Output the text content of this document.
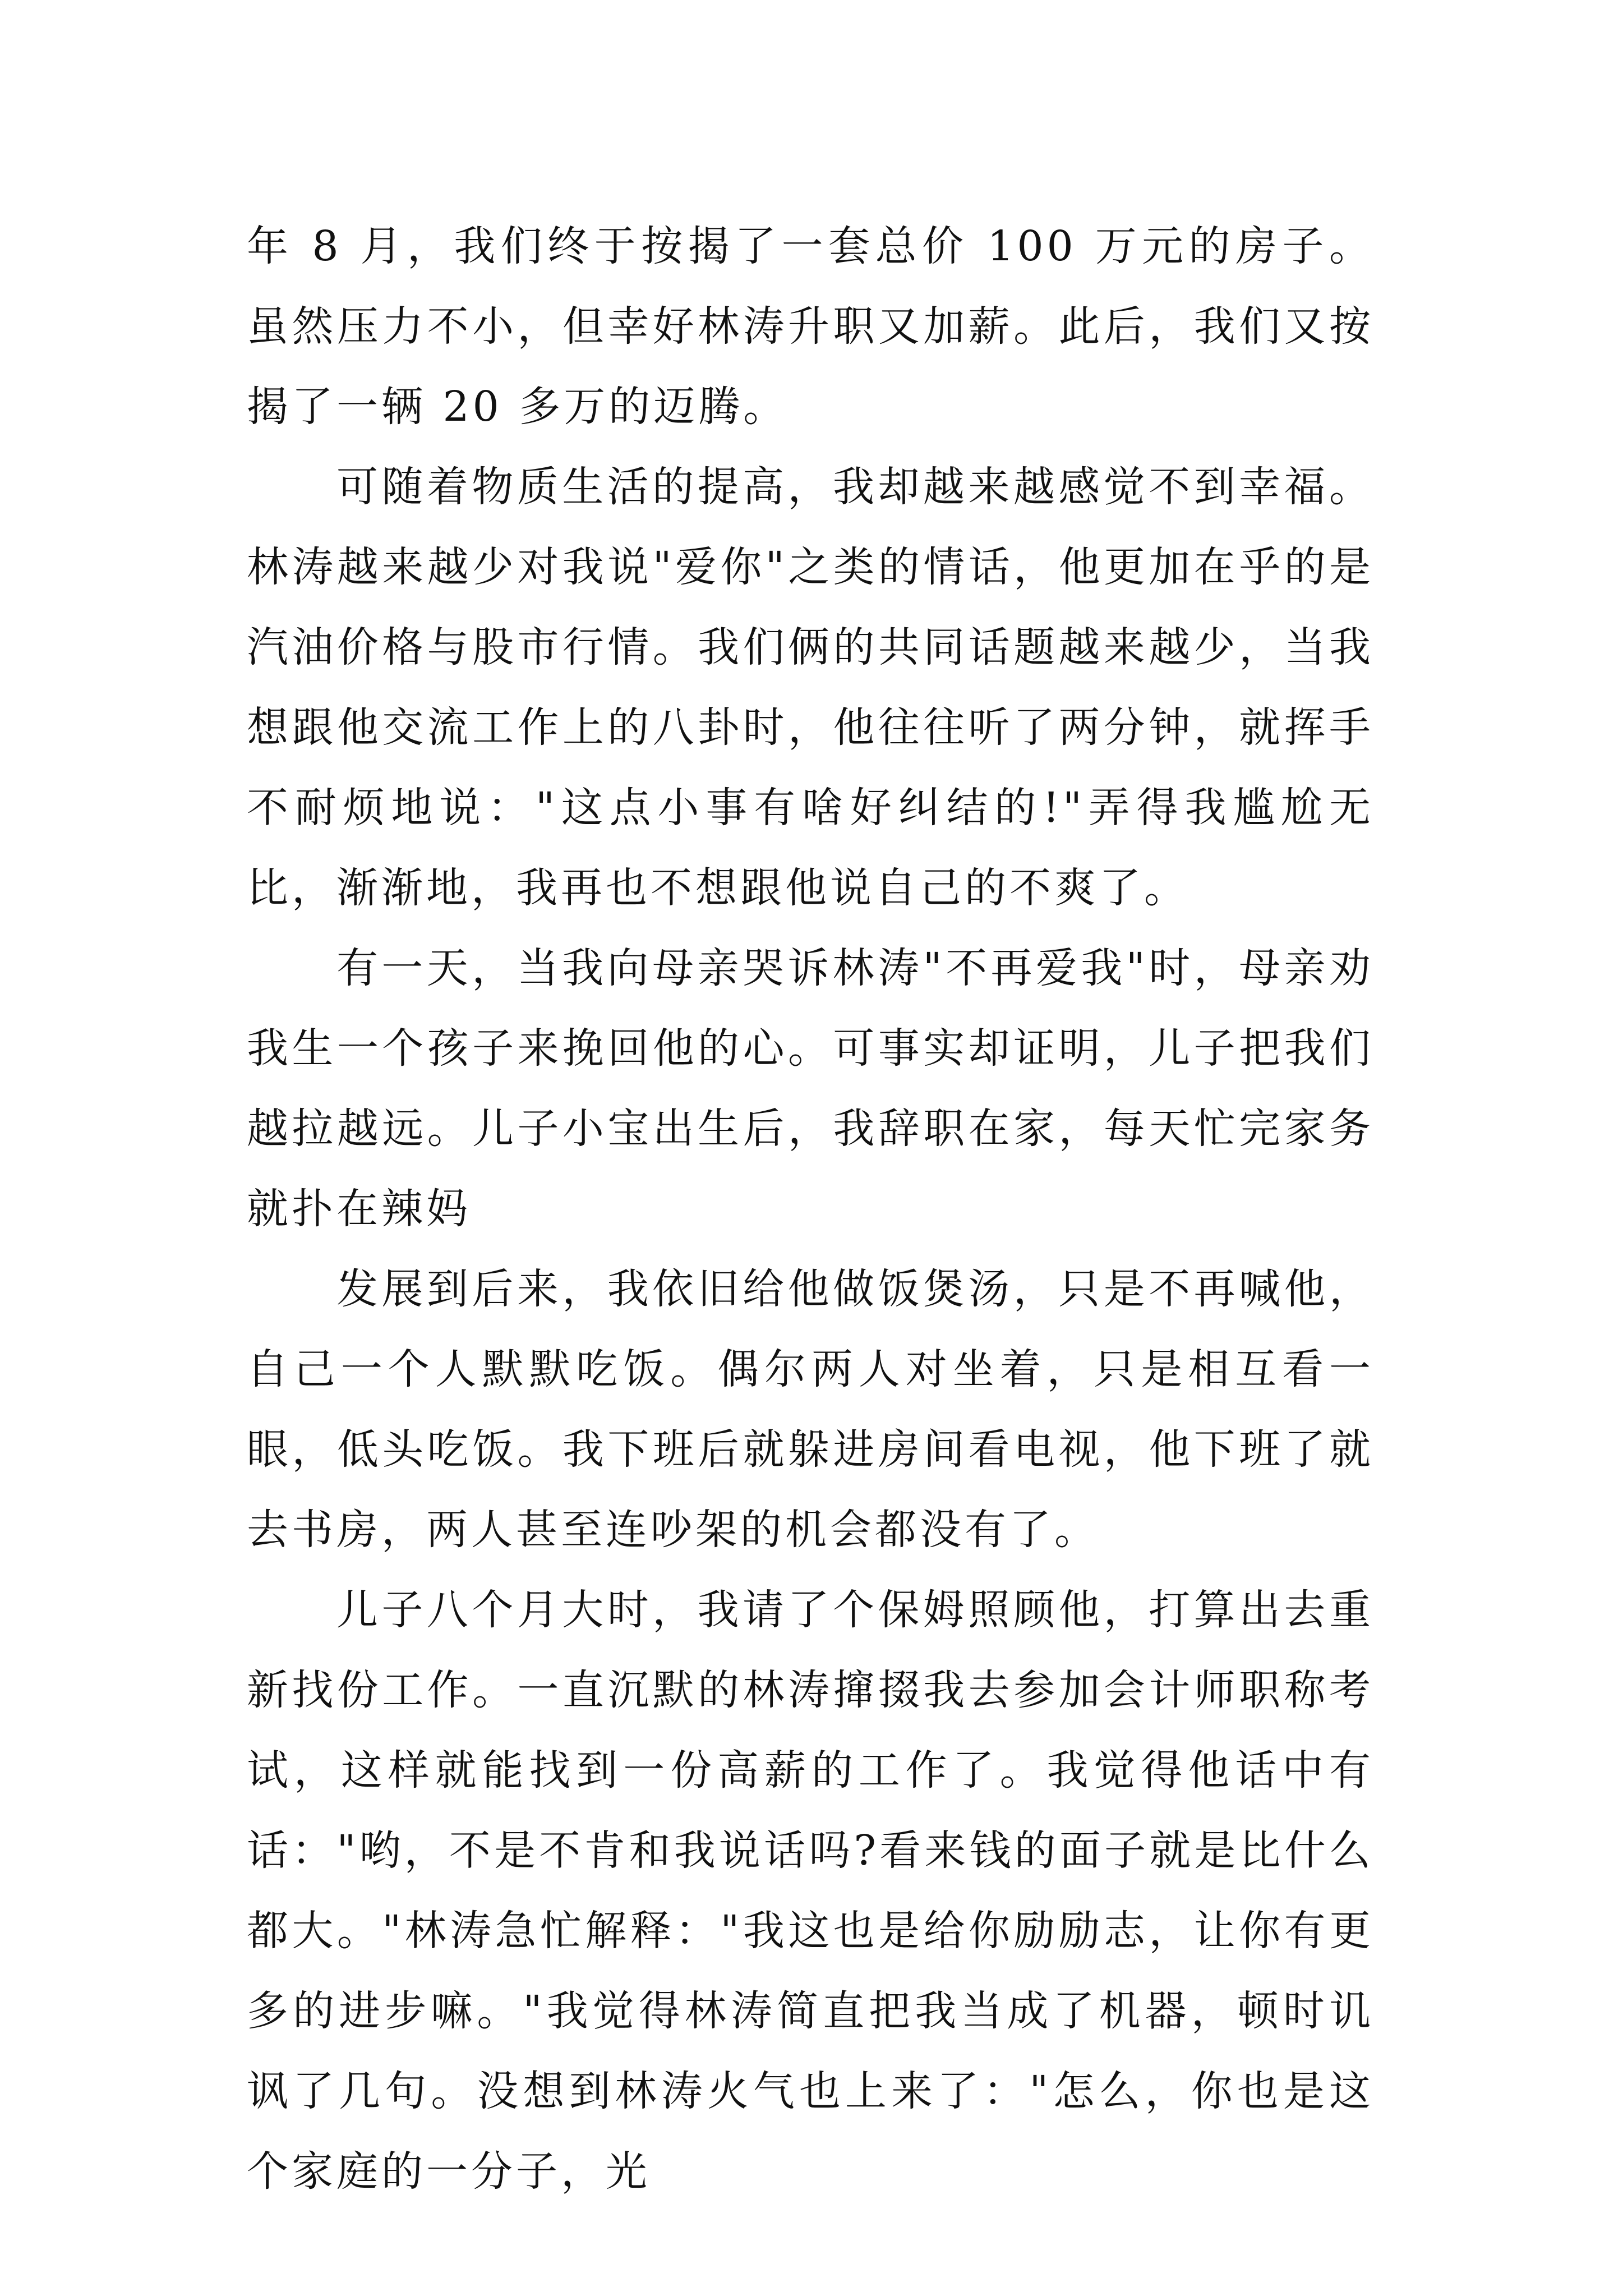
年 8 月，我们终于按揭了一套总价 100 万元的房子。虽然压力不小，但幸好林涛升职又加薪。此后，我们又按揭了一辆 20 多万的迈腾。

可随着物质生活的提高，我却越来越感觉不到幸福。林涛越来越少对我说"爱你"之类的情话，他更加在乎的是汽油价格与股市行情。我们俩的共同话题越来越少，当我想跟他交流工作上的八卦时，他往往听了两分钟，就挥手不耐烦地说："这点小事有啥好纠结的!"弄得我尴尬无比，渐渐地，我再也不想跟他说自己的不爽了。

有一天，当我向母亲哭诉林涛"不再爱我"时，母亲劝我生一个孩子来挽回他的心。可事实却证明，儿子把我们越拉越远。儿子小宝出生后，我辞职在家，每天忙完家务就扑在辣妈

发展到后来，我依旧给他做饭煲汤，只是不再喊他，自己一个人默默吃饭。偶尔两人对坐着，只是相互看一眼，低头吃饭。我下班后就躲进房间看电视，他下班了就去书房，两人甚至连吵架的机会都没有了。

儿子八个月大时，我请了个保姆照顾他，打算出去重新找份工作。一直沉默的林涛撺掇我去参加会计师职称考试，这样就能找到一份高薪的工作了。我觉得他话中有话："哟，不是不肯和我说话吗?看来钱的面子就是比什么都大。"林涛急忙解释："我这也是给你励励志，让你有更多的进步嘛。"我觉得林涛简直把我当成了机器，顿时讥讽了几句。没想到林涛火气也上来了："怎么，你也是这个家庭的一分子，光
